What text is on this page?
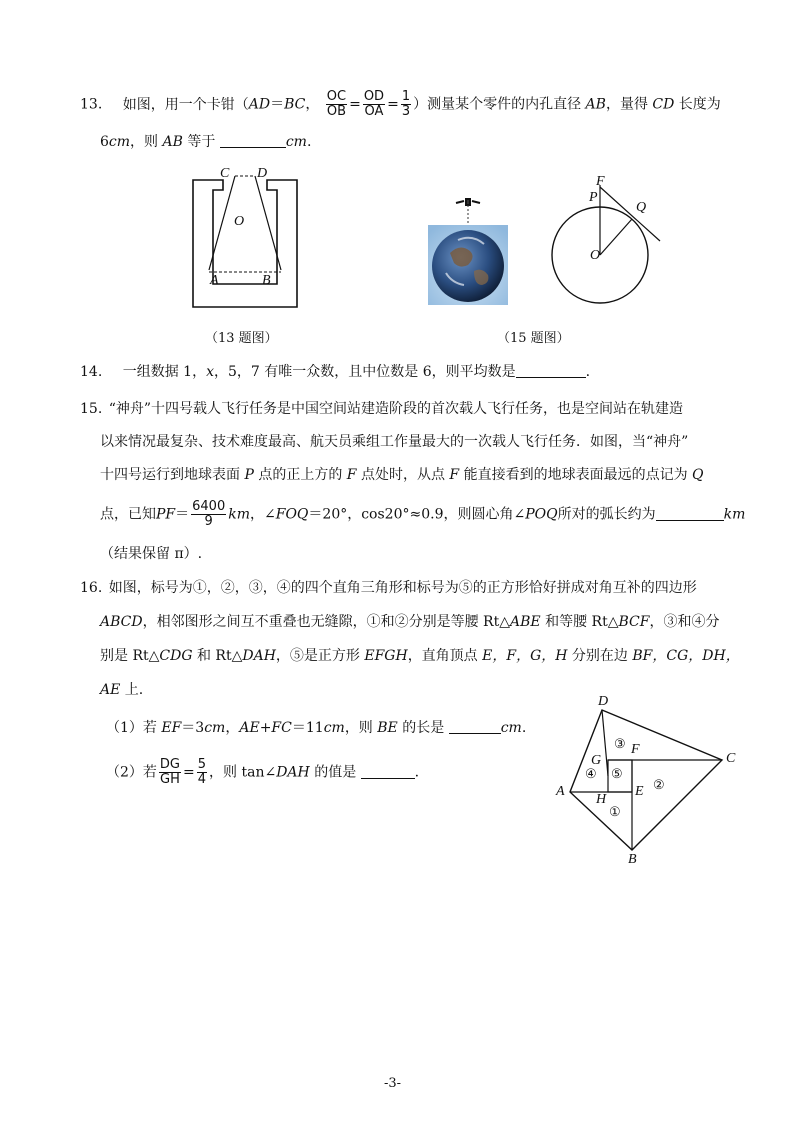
13. 如图，用一个卡钳（AD＝BC， $\frac{OC}{OB} = \frac{OD}{OA} = \frac{1}{3}$ ）测量某个零件的内孔直径 AB，量得 CD 长度为
6cm，则 AB 等于	cm.
C D
O
A	B
（13 题图）
F
P
Q
O
（15 题图）
14. 一组数据 1，x，5，7 有唯一众数，且中位数是 6，则平均数是	.
15. “神舟”十四号载人飞行任务是中国空间站建造阶段的首次载人飞行任务，也是空间站在轨建造
以来情况最复杂、技术难度最高、航天员乘组工作量最大的一次载人飞行任务．如图，当“神舟”
十四号运行到地球表面 P 点的正上方的 F 点处时，从点 F 能直接看到的地球表面最远的点记为 Q
点，已知$PF= \frac{6400}{9}$ km，∠FOQ＝20°，cos20°≈0.9，则圆心角∠POQ所对的弧长约为	km
（结果保留 π）.
16. 如图，标号为①，②，③，④的四个直角三角形和标号为⑤的正方形恰好拼成对角互补的四边形
ABCD，相邻图形之间互不重叠也无缝隙，①和②分别是等腰 Rt△ABE 和等腰 Rt△BCF，③和④分
别是 Rt△CDG 和 Rt△DAH，⑤是正方形 EFGH，直角顶点 E，F，G，H 分别在边 BF，CG，DH，
AE 上.
（1）若 EF＝3cm，AE+FC＝11cm，则 BE 的长是	cm.
（2）若 $\frac{DG}{GH} = \frac{5}{4}$ ，则 tan∠DAH 的值是	.
D
C
A
B
G
F
H
E
①
②
③
④ ⑤
-3-
